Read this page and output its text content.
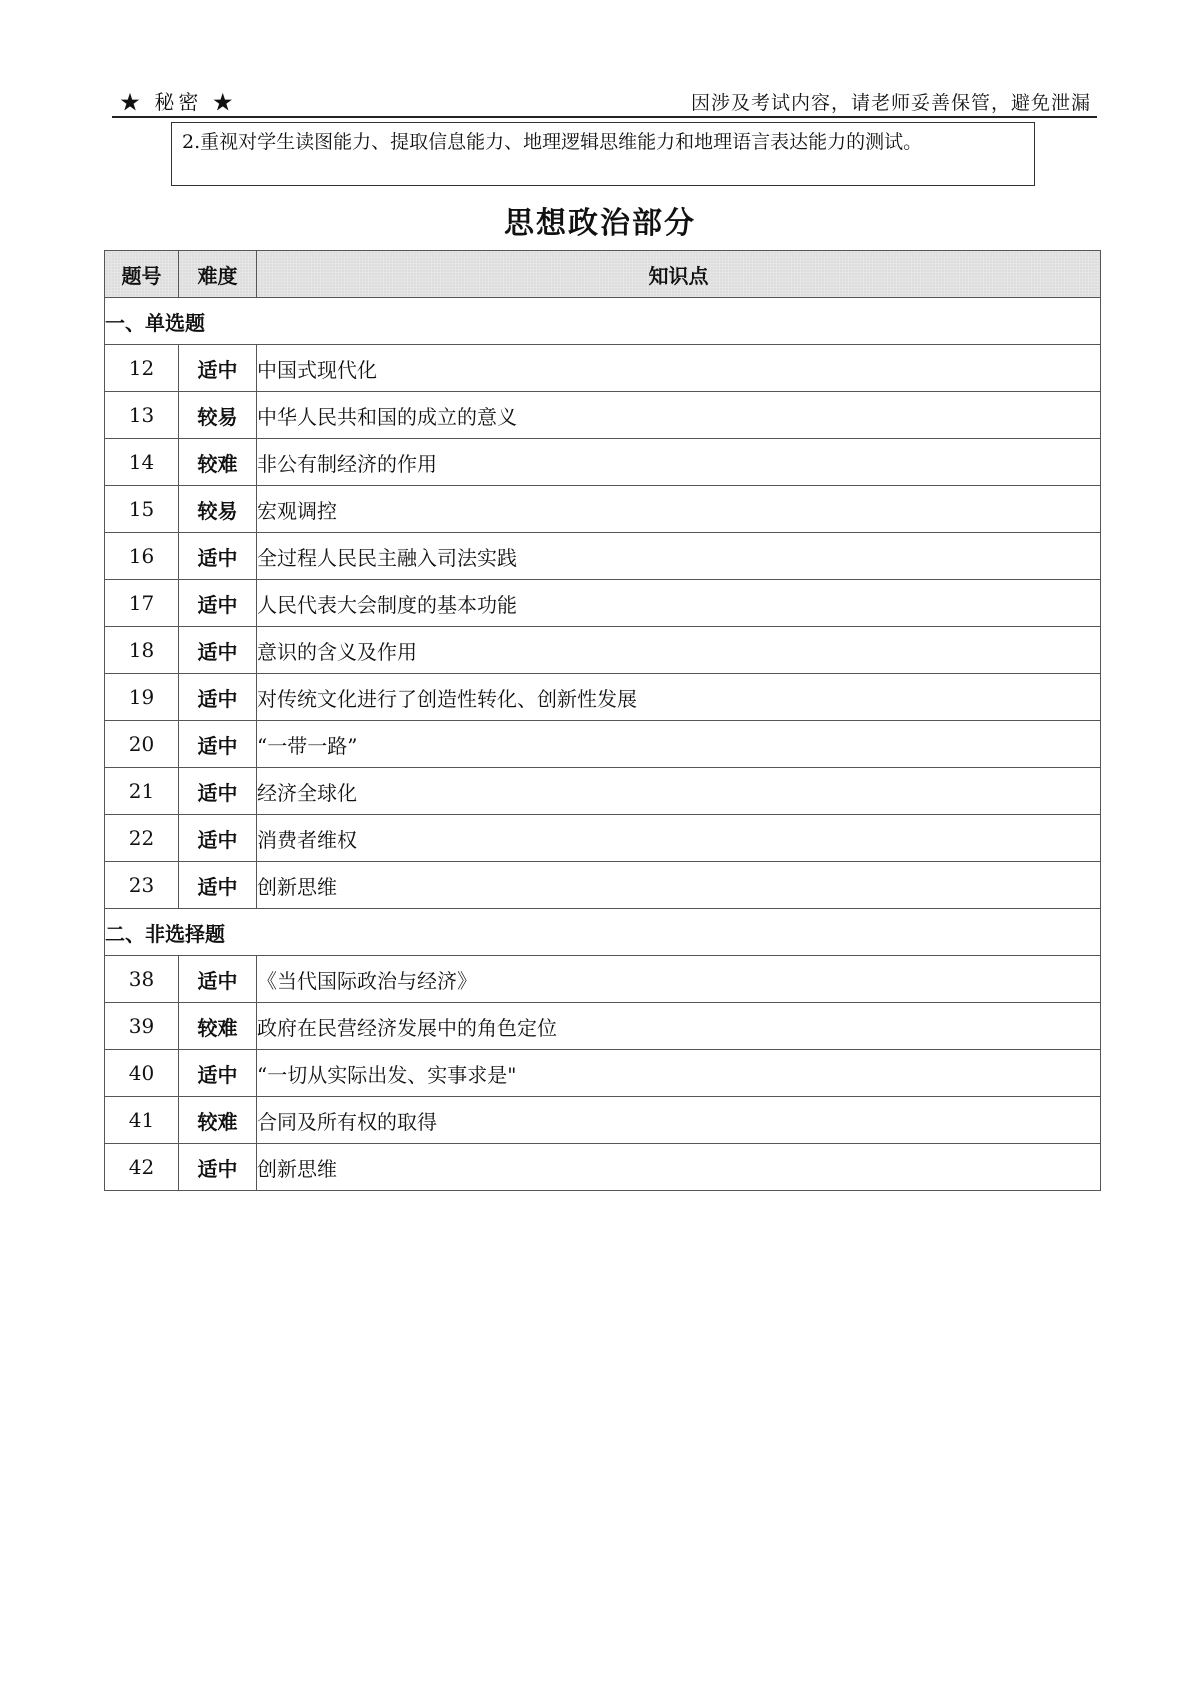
★ 秘密 ★	因涉及考试内容，请老师妥善保管，避免泄漏
2.重视对学生读图能力、提取信息能力、地理逻辑思维能力和地理语言表达能力的测试。
思想政治部分
题号	难度	知识点
一、单选题		
12	适中	中国式现代化
13	较易	中华人民共和国的成立的意义
14	较难	非公有制经济的作用
15	较易	宏观调控
16	适中	全过程人民民主融入司法实践
17	适中	人民代表大会制度的基本功能
18	适中	意识的含义及作用
19	适中	对传统文化进行了创造性转化、创新性发展
20	适中	“一带一路”
21	适中	经济全球化
22	适中	消费者维权
23	适中	创新思维
二、非选择题		
38	适中	《当代国际政治与经济》
39	较难	政府在民营经济发展中的角色定位
40	适中	“一切从实际出发、实事求是"
41	较难	合同及所有权的取得
42	适中	创新思维
